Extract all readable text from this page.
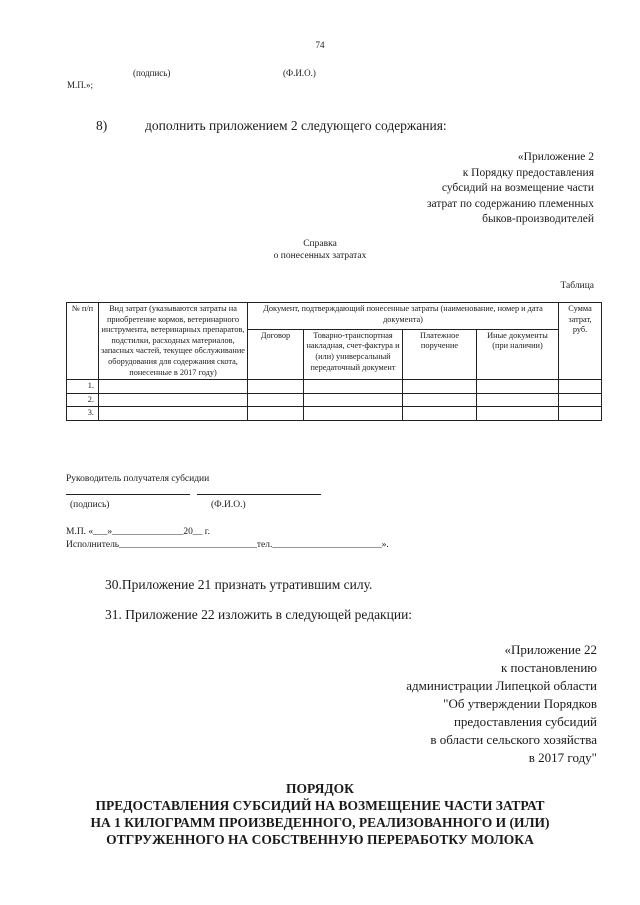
74
(подпись)	(Ф.И.О.)
М.П.»;
8)	дополнить приложением 2 следующего содержания:
«Приложение 2
к Порядку предоставления
субсидий на возмещение части
затрат по содержанию племенных
быков-производителей
Справка
о понесенных затратах
Таблица
№ п/п	Вид затрат (указываются затраты на приобретение кормов, ветеринарного инструмента, ветеринарных препаратов, подстилки, расходных материалов, запасных частей, текущее обслуживание оборудования для содержания скота, понесенные в 2017 году)	Документ, подтверждающий понесенные затраты (наименование, номер и дата документа)				Сумма затрат, руб.
		Договор	Товарно-транспортная накладная, счет-фактура и (или) универсальный передаточный документ	Платежное поручение	Иные документы (при наличии)	
1.						
2.						
3.						
Руководитель получателя субсидии
(подпись)	(Ф.И.О.)
М.П. «___»_______________20__ г.
Исполнитель_____________________________тел._______________________».
30.Приложение 21 признать утратившим силу.
31. Приложение 22 изложить в следующей редакции:
«Приложение 22
к постановлению
администрации Липецкой области
"Об утверждении Порядков
предоставления субсидий
в области сельского хозяйства
в 2017 году"
ПОРЯДОК
ПРЕДОСТАВЛЕНИЯ СУБСИДИЙ НА ВОЗМЕЩЕНИЕ ЧАСТИ ЗАТРАТ
НА 1 КИЛОГРАММ ПРОИЗВЕДЕННОГО, РЕАЛИЗОВАННОГО И (ИЛИ)
ОТГРУЖЕННОГО НА СОБСТВЕННУЮ ПЕРЕРАБОТКУ МОЛОКА
